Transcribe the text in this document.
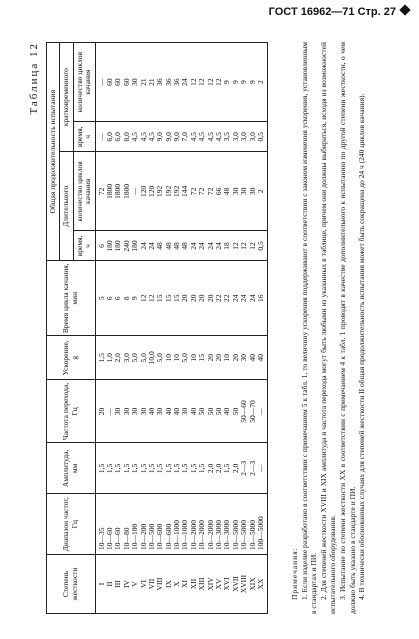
ГОСТ 16962—71 Стр. 27
Таблица 12
Степень жесткости	Диапазон частот, Гц	Амплитуда, мм	Частота перехода, Гц	Ускорение, g	Время цикла качания, мин	Общая продолжительность испытания			
						Длительного		кратковременного	
						время, ч	количество циклов качания	время, ч	количество циклов качания
I	10—35	1,5	20	1,5	5	6	72	—	—
II	10—60	1,5	—	1,0	6	180	1800	6,0	60
III	10—60	1,5	30	2,0	6	180	1800	6,0	60
IV	10—80	1,5	30	3,0	8	240	1800	8,0	60
V	10—100	1,5	30	5,0	9	180	—	4,5	30
VI	10—200	1,5	30	5,0	12	24	120	4,5	21
VII	10—500	1,5	40	10,0	12	24	120	4,5	21
VIII	10—600	1,5	30	5,0	15	48	192	9,0	36
IX	10—600	1,5	40	10	15	48	192	9,0	36
X	10—1000	1,5	40	10	15	48	192	9,0	36
XI	10—1000	1,5	30	5,0	20	48	144	7,0	24
XII	10—2000	1,5	40	10	20	24	72	4,5	12
XIII	10—2000	1,5	50	15	20	24	72	4,5	12
XIV	10—2000	2,0	50	20	20	24	72	4,5	12
XV	10—3000	2,0	50	20	22	24	66	4,5	12
XVI	10—3000	1,5	40	10	22	18	48	3,5	9
XVII	10—5000	2,0	50	20	24	12	30	3,0	9
XVIII	10—5000	2—3	50—60	30	24	12	30	3,0	9
XIX	10—5000	2—3	50—70	40	24	12	30	3,0	9
XX	100—5000	—	—	40	16	0,5	2	0,5	2

Примечания: 1. Если изделие разработано в соответствии с примечанием 5 к табл. 1, то величину ускорения поддерживают в соответствии с законом изменения ускорения, установленным в стандартах и ПИ. 2. Для степеней жесткости XVIII и XIX амплитуда и частота перехода могут быть любыми из указанных в таблице, причем они должны выбираться, исходя из возможностей испытательного оборудования. 3. Испытание по степени жесткости XX в соответствии с примечанием 4 к табл. 1 проводят в качестве дополнительного к испытанию по другой степени жесткости, о чем должно быть указано в стандарте и ПИ. 4. В технически обоснованных случаях для степеней жесткости II общая продолжительность испытания может быть сокращена до 24 ч (240 циклов качания).
